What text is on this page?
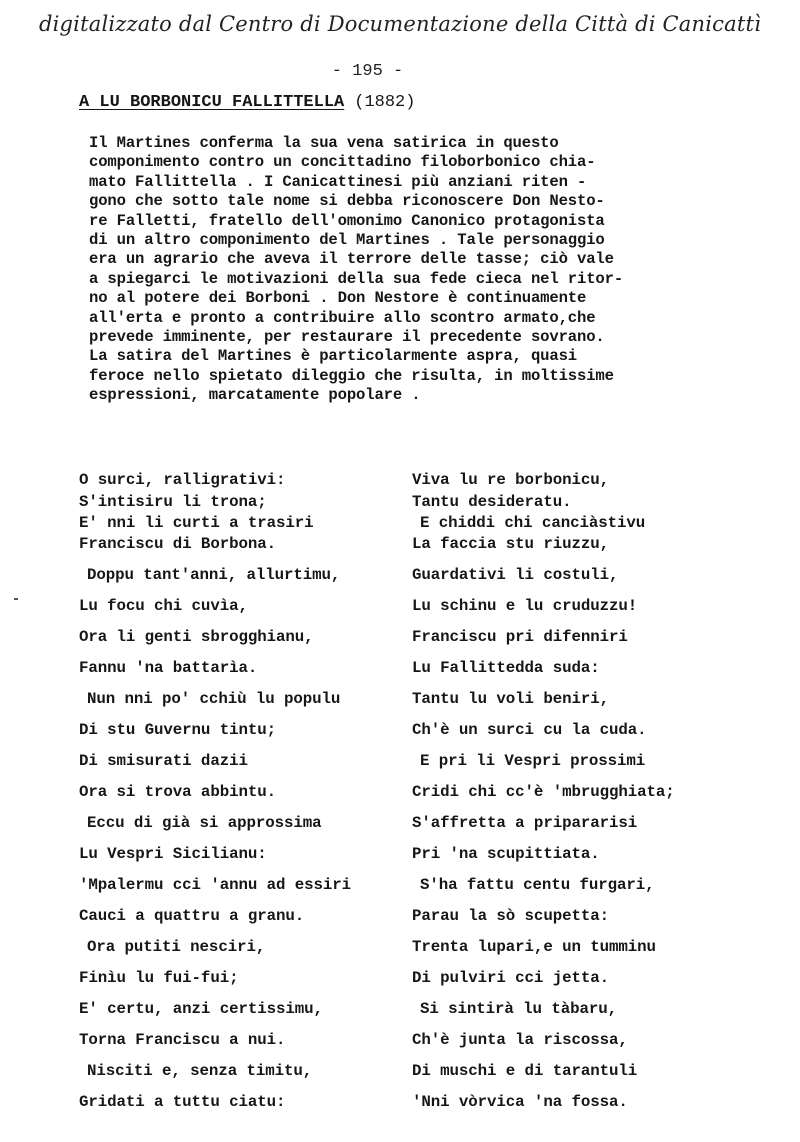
digitalizzato dal Centro di Documentazione della Città di Canicattì
- 195 -
A LU BORBONICU FALLITTELLA (1882)
Il Martines conferma la sua vena satirica in questo
componimento contro un concittadino filoborbonico chia-
mato Fallittella . I Canicattinesi più anziani riten -
gono che sotto tale nome si debba riconoscere Don Nesto-
re Falletti, fratello dell'omonimo Canonico protagonista
di un altro componimento del Martines . Tale personaggio
era un agrario che aveva il terrore delle tasse; ciò vale
a spiegarci le motivazioni della sua fede cieca nel ritor-
no al potere dei Borboni . Don Nestore è continuamente
all'erta e pronto a contribuire allo scontro armato,che
prevede imminente, per restaurare il precedente sovrano.
La satira del Martines è particolarmente aspra, quasi
feroce nello spietato dileggio che risulta, in moltissime
espressioni, marcatamente popolare .
O surci, ralligrativi:
S'intisiru li trona;
E' nni li curti a trasiri
Franciscu di Borbona.
Doppu tant'anni, allurtimu,
Lu focu chi cuvìa,
Ora li genti sbrogghianu,
Fannu 'na battarìa.
Nun nni po' cchiù lu populu
Di stu Guvernu tintu;
Di smisurati dazii
Ora si trova abbintu.
Eccu di già si approssima
Lu Vespri Sicilianu:
'Mpalermu cci 'annu ad essiri
Cauci a quattru a granu.
Ora putiti nesciri,
Finìu lu fui-fui;
E' certu, anzi certissimu,
Torna Franciscu a nui.
Nisciti e, senza timitu,
Gridati a tuttu ciatu:
Viva lu re borbonicu,
Tantu desideratu.
E chiddi chi canciàstivu
La faccia stu riuzzu,
Guardativi li costuli,
Lu schinu e lu cruduzzu!
Franciscu pri difenniri
Lu Fallittedda suda:
Tantu lu voli beniri,
Ch'è un surci cu la cuda.
E pri li Vespri prossimi
Cridi chi cc'è 'mbrugghiata;
S'affretta a pripararisi
Pri 'na scupittiata.
S'ha fattu centu furgari,
Parau la sò scupetta:
Trenta lupari,e un tumminu
Di pulviri cci jetta.
Si sintirà lu tàbaru,
Ch'è junta la riscossa,
Di muschi e di tarantuli
'Nni vòrvica 'na fossa.
